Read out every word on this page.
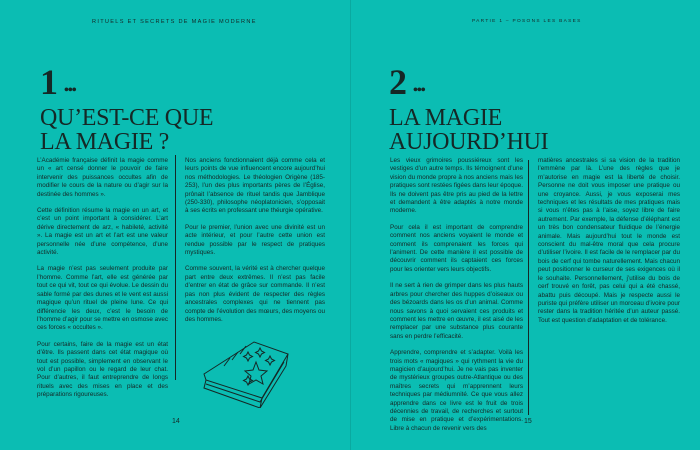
RITUELS ET SECRETS DE MAGIE MODERNE
1 •••
QU’EST-CE QUE
LA MAGIE ?

L’Académie française définit la magie comme un « art censé donner le pouvoir de faire intervenir des puissances occultes afin de modifier le cours de la nature ou d’agir sur la destinée des hommes ».

Cette définition résume la magie en un art, et c’est un point important à considérer. L’art dérive directement de arz, « habileté, activité ». La magie est un art et l’art est une valeur personnelle née d’une compétence, d’une activité.

La magie n’est pas seulement produite par l’homme. Comme l’art, elle est générée par tout ce qui vit, tout ce qui évolue. Le dessin du sable formé par des dunes et le vent est aussi magique qu’un rituel de pleine lune. Ce qui différencie les deux, c’est le besoin de l’homme d’agir pour se mettre en osmose avec ces forces « occultes ».

Pour certains, faire de la magie est un état d’être. Ils passent dans cet état magique où tout est possible, simplement en observant le vol d’un papillon ou le regard de leur chat. Pour d’autres, il faut entreprendre de longs rituels avec des mises en place et des préparations rigoureuses.

Nos anciens fonctionnaient déjà comme cela et leurs points de vue influencent encore aujourd’hui nos méthodologies. Le théologien Origène (185-253), l’un des plus importants pères de l’Église, prônait l’absence de rituel tandis que Jamblique (250-330), philosophe néoplatonicien, s’opposait à ses écrits en professant une théurgie opérative.

Pour le premier, l’union avec une divinité est un acte intérieur, et pour l’autre cette union est rendue possible par le respect de pratiques mystiques.

Comme souvent, la vérité est à chercher quelque part entre deux extrêmes. Il n’est pas facile d’entrer en état de grâce sur commande. Il n’est pas non plus évident de respecter des règles ancestrales complexes qui ne tiennent pas compte de l’évolution des mœurs, des moyens ou des hommes.

14
PARTIE 1 – POSONS LES BASES
2 •••
LA MAGIE
AUJOURD’HUI

Les vieux grimoires poussiéreux sont les vestiges d’un autre temps. Ils témoignent d’une vision du monde propre à nos anciens mais les pratiques sont restées figées dans leur époque. Ils ne doivent pas être pris au pied de la lettre et demandent à être adaptés à notre monde moderne.

Pour cela il est important de comprendre comment nos anciens voyaient le monde et comment ils comprenaient les forces qui l’animent. De cette manière il est possible de découvrir comment ils captaient ces forces pour les orienter vers leurs objectifs.

Il ne sert à rien de grimper dans les plus hauts arbres pour chercher des huppes d’oiseaux ou des bézoards dans les os d’un animal. Comme nous savons à quoi servaient ces produits et comment les mettre en œuvre, il est aisé de les remplacer par une substance plus courante sans en perdre l’efficacité.

Apprendre, comprendre et s’adapter. Voilà les trois mots « magiques » qui rythment la vie du magicien d’aujourd’hui. Je ne vais pas inventer de mystérieux groupes outre-Atlantique ou des maîtres secrets qui m’apprennent leurs techniques par médiumnité. Ce que vous allez apprendre dans ce livre est le fruit de trois décennies de travail, de recherches et surtout de mise en pratique et d’expérimentations. Libre à chacun de revenir vers des

matières ancestrales si sa vision de la tradition l’emmène par là. L’une des règles que je m’autorise en magie est la liberté de choisir. Personne ne doit vous imposer une pratique ou une croyance. Aussi, je vous exposerai mes techniques et les résultats de mes pratiques mais si vous n’êtes pas à l’aise, soyez libre de faire autrement. Par exemple, la défense d’éléphant est un très bon condensateur fluidique de l’énergie animale. Mais aujourd’hui tout le monde est conscient du mal-être moral que cela procure d’utiliser l’ivoire. Il est facile de le remplacer par du bois de cerf qui tombe naturellement. Mais chacun peut positionner le curseur de ses exigences où il le souhaite. Personnellement, j’utilise du bois de cerf trouvé en forêt, pas celui qui a été chassé, abattu puis découpé. Mais je respecte aussi le puriste qui préfère utiliser un morceau d’ivoire pour rester dans la tradition héritée d’un auteur passé. Tout est question d’adaptation et de tolérance.

15
